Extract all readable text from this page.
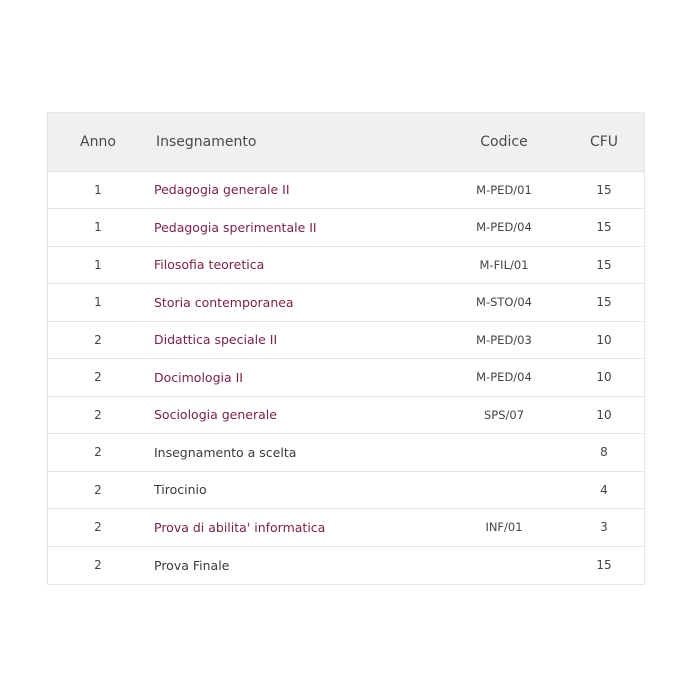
Anno	Insegnamento	Codice	CFU
1	Pedagogia generale II	M-PED/01	15
1	Pedagogia sperimentale II	M-PED/04	15
1	Filosofia teoretica	M-FIL/01	15
1	Storia contemporanea	M-STO/04	15
2	Didattica speciale II	M-PED/03	10
2	Docimologia II	M-PED/04	10
2	Sociologia generale	SPS/07	10
2	Insegnamento a scelta		8
2	Tirocinio		4
2	Prova di abilita' informatica	INF/01	3
2	Prova Finale		15
